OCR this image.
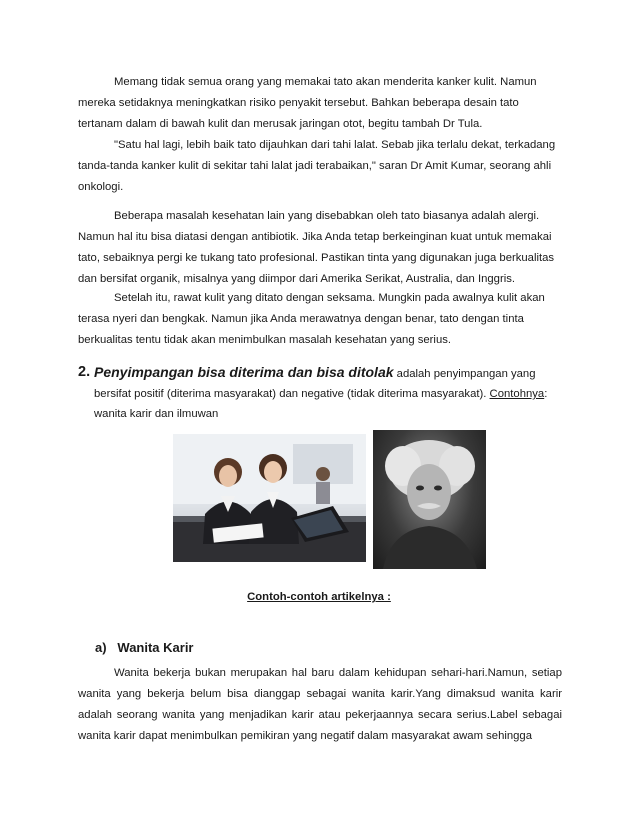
Memang tidak semua orang yang memakai tato akan menderita kanker kulit. Namun mereka setidaknya meningkatkan risiko penyakit tersebut. Bahkan beberapa desain tato tertanam dalam di bawah kulit dan merusak jaringan otot, begitu tambah Dr Tula.

"Satu hal lagi, lebih baik tato dijauhkan dari tahi lalat. Sebab jika terlalu dekat, terkadang tanda-tanda kanker kulit di sekitar tahi lalat jadi terabaikan," saran Dr Amit Kumar, seorang ahli onkologi.

Beberapa masalah kesehatan lain yang disebabkan oleh tato biasanya adalah alergi. Namun hal itu bisa diatasi dengan antibiotik. Jika Anda tetap berkeinginan kuat untuk memakai tato, sebaiknya pergi ke tukang tato profesional. Pastikan tinta yang digunakan juga berkualitas dan bersifat organik, misalnya yang diimpor dari Amerika Serikat, Australia, dan Inggris.

Setelah itu, rawat kulit yang ditato dengan seksama. Mungkin pada awalnya kulit akan terasa nyeri dan bengkak. Namun jika Anda merawatnya dengan benar, tato dengan tinta berkualitas tentu tidak akan menimbulkan masalah kesehatan yang serius.

2. Penyimpangan bisa diterima dan bisa ditolak adalah penyimpangan yang bersifat positif (diterima masyarakat) dan negative (tidak diterima masyarakat). Contohnya: wanita karir dan ilmuwan
Contoh-contoh artikelnya :
a) Wanita Karir

Wanita bekerja bukan merupakan hal baru dalam kehidupan sehari-hari.Namun, setiap wanita yang bekerja belum bisa dianggap sebagai wanita karir.Yang dimaksud wanita karir adalah seorang wanita yang menjadikan karir atau pekerjaannya secara serius.Label sebagai wanita karir dapat menimbulkan pemikiran yang negatif dalam masyarakat awam sehingga
